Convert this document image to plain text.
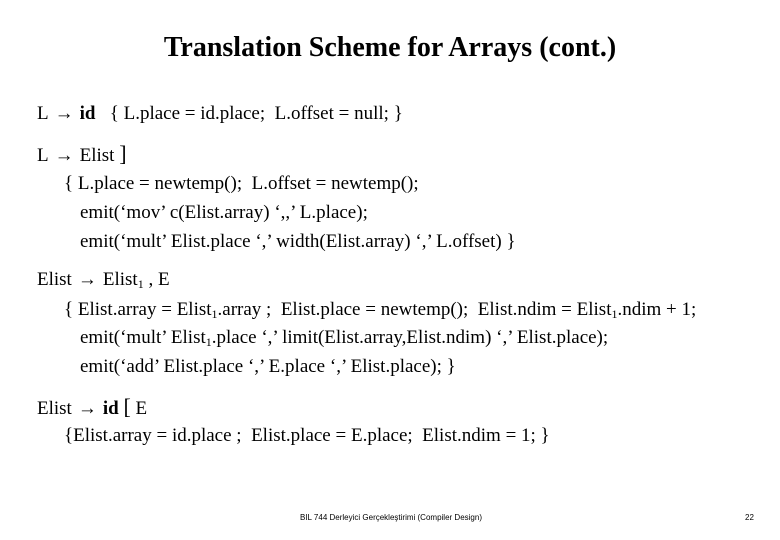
Translation Scheme for Arrays (cont.)
L → id { L.place = id.place;  L.offset = null; }
L → Elist ]
{ L.place = newtemp();  L.offset = newtemp();
emit(‘mov’ c(Elist.array) ‘,,’ L.place);
emit(‘mult’ Elist.place ‘,’ width(Elist.array) ‘,’ L.offset) }
Elist → Elist$_1$ , E
{ Elist.array = Elist$_1$.array ;  Elist.place = newtemp();  Elist.ndim = Elist$_1$.ndim + 1;
emit(‘mult’ Elist$_1$.place ‘,’ limit(Elist.array,Elist.ndim) ‘,’ Elist.place);
emit(‘add’ Elist.place ‘,’ E.place ‘,’ Elist.place); }
Elist → id [ E
{Elist.array = id.place ;  Elist.place = E.place;  Elist.ndim = 1; }
BIL 744 Derleyici Gerçekleştirimi (Compiler Design)	22
